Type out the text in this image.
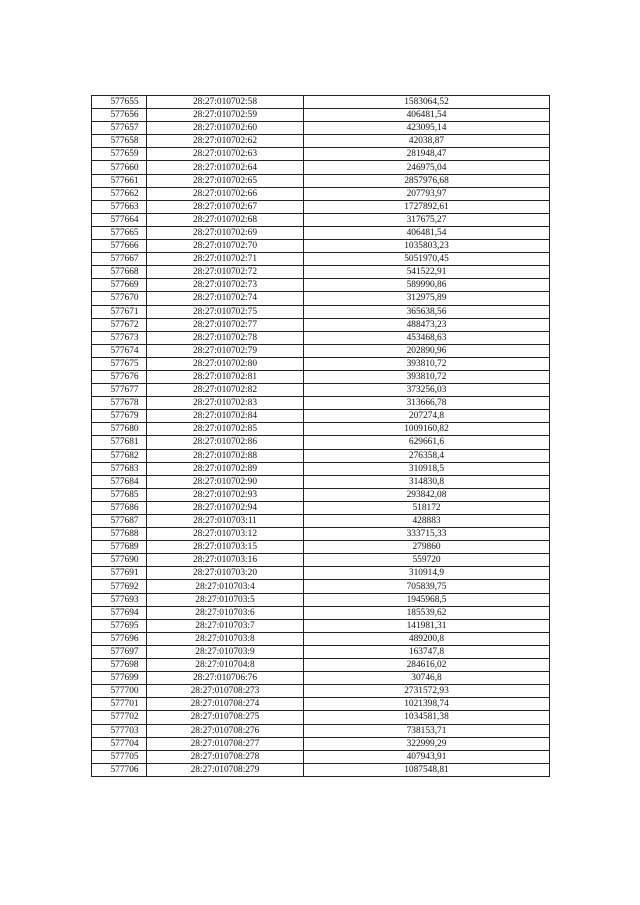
577655	28:27:010702:58	1583064,52
577656	28:27:010702:59	406481,54
577657	28:27:010702:60	423095,14
577658	28:27:010702:62	42038,87
577659	28:27:010702:63	281948,47
577660	28:27:010702:64	246975,04
577661	28:27:010702:65	2857976,68
577662	28:27:010702:66	207793,97
577663	28:27:010702:67	1727892,61
577664	28:27:010702:68	317675,27
577665	28:27:010702:69	406481,54
577666	28:27:010702:70	1035803,23
577667	28:27:010702:71	5051970,45
577668	28:27:010702:72	541522,91
577669	28:27:010702:73	589990,86
577670	28:27:010702:74	312975,89
577671	28:27:010702:75	365638,56
577672	28:27:010702:77	488473,23
577673	28:27:010702:78	453468,63
577674	28:27:010702:79	202890,96
577675	28:27:010702:80	393810,72
577676	28:27:010702:81	393810,72
577677	28:27:010702:82	373256,03
577678	28:27:010702:83	313666,78
577679	28:27:010702:84	207274,8
577680	28:27:010702:85	1009160,82
577681	28:27:010702:86	629661,6
577682	28:27:010702:88	276358,4
577683	28:27:010702:89	310918,5
577684	28:27:010702:90	314830,8
577685	28:27:010702:93	293842,08
577686	28:27:010702:94	518172
577687	28:27:010703:11	428883
577688	28:27:010703:12	333715,33
577689	28:27:010703:15	279860
577690	28:27:010703:16	559720
577691	28:27:010703:20	310914,9
577692	28:27:010703:4	705839,75
577693	28:27:010703:5	1945968,5
577694	28:27:010703:6	185539,62
577695	28:27:010703:7	141981,31
577696	28:27:010703:8	489200,8
577697	28:27:010703:9	163747,8
577698	28:27:010704:8	284616,02
577699	28:27:010706:76	30746,8
577700	28:27:010708:273	2731572,93
577701	28:27:010708:274	1021398,74
577702	28:27:010708:275	1034581,38
577703	28:27:010708:276	738153,71
577704	28:27:010708:277	322999,29
577705	28:27:010708:278	407943,91
577706	28:27:010708:279	1087548,81
